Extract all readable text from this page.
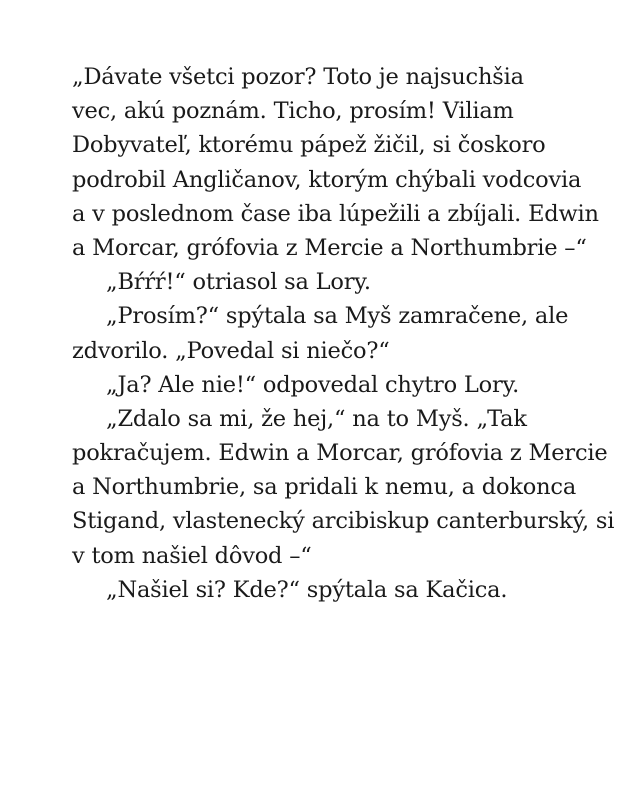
„Dávate všetci pozor? Toto je najsuchšia
vec, akú poznám. Ticho, prosím! Viliam
Dobyvateľ, ktorému pápež žičil, si čoskoro
podrobil Angličanov, ktorým chýbali vodcovia
a v poslednom čase iba lúpežili a zbíjali. Edwin
a Morcar, grófovia z Mercie a Northumbrie –“
„Bŕŕŕ!“ otriasol sa Lory.
„Prosím?“ spýtala sa Myš zamračene, ale
zdvorilo. „Povedal si niečo?“
„Ja? Ale nie!“ odpovedal chytro Lory.
„Zdalo sa mi, že hej,“ na to Myš. „Tak
pokračujem. Edwin a Morcar, grófovia z Mercie
a Northumbrie, sa pridali k nemu, a dokonca
Stigand, vlastenecký arcibiskup canterburský, si
v tom našiel dôvod –“
„Našiel si? Kde?“ spýtala sa Kačica.
